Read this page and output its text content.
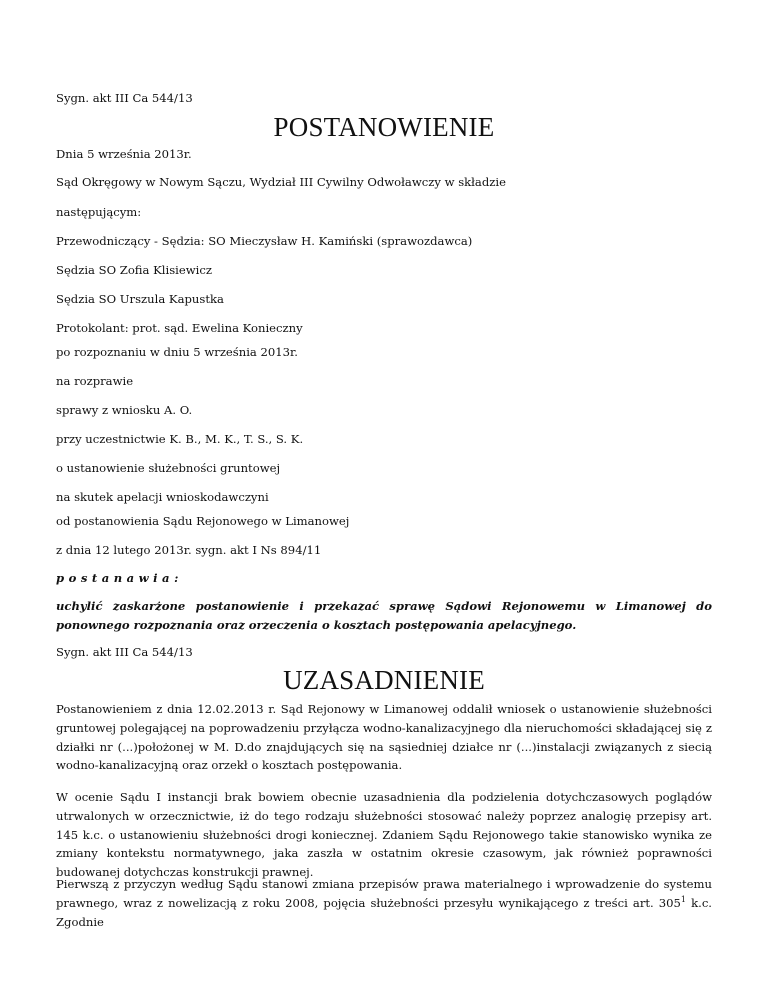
Sygn. akt III Ca 544/13
POSTANOWIENIE
Dnia 5 września 2013r.
Sąd Okręgowy w Nowym Sączu, Wydział III Cywilny Odwoławczy w składzie
następującym:
Przewodniczący - Sędzia: SO Mieczysław H. Kamiński (sprawozdawca)
Sędzia SO Zofia Klisiewicz
Sędzia SO Urszula Kapustka
Protokolant: prot. sąd. Ewelina Konieczny
po rozpoznaniu w dniu 5 września 2013r.
na rozprawie
sprawy z wniosku A. O.
przy uczestnictwie K. B., M. K., T. S., S. K.
o ustanowienie służebności gruntowej
na skutek apelacji wnioskodawczyni
od postanowienia Sądu Rejonowego w Limanowej
z dnia 12 lutego 2013r. sygn. akt I Ns 894/11
postanawia:
uchylić zaskarżone postanowienie i przekazać sprawę Sądowi Rejonowemu w Limanowej do ponownego rozpoznania oraz orzeczenia o kosztach postępowania apelacyjnego.
Sygn. akt III Ca 544/13
UZASADNIENIE
Postanowieniem z dnia 12.02.2013 r. Sąd Rejonowy w Limanowej oddalił wniosek o ustanowienie służebności gruntowej polegającej na poprowadzeniu przyłącza wodno-kanalizacyjnego dla nieruchomości składającej się z działki nr (...)położonej w M. D.do znajdujących się na sąsiedniej działce nr (...)instalacji związanych z siecią wodno-kanalizacyjną oraz orzekł o kosztach postępowania.
W ocenie Sądu I instancji brak bowiem obecnie uzasadnienia dla podzielenia dotychczasowych poglądów utrwalonych w orzecznictwie, iż do tego rodzaju służebności stosować należy poprzez analogię przepisy art. 145 k.c. o ustanowieniu służebności drogi koniecznej. Zdaniem Sądu Rejonowego takie stanowisko wynika ze zmiany kontekstu normatywnego, jaka zaszła w ostatnim okresie czasowym, jak również poprawności budowanej dotychczas konstrukcji prawnej.
Pierwszą z przyczyn według Sądu stanowi zmiana przepisów prawa materialnego i wprowadzenie do systemu prawnego, wraz z nowelizacją z roku 2008, pojęcia służebności przesyłu wynikającego z treści art. $305^1$ k.c. Zgodnie
